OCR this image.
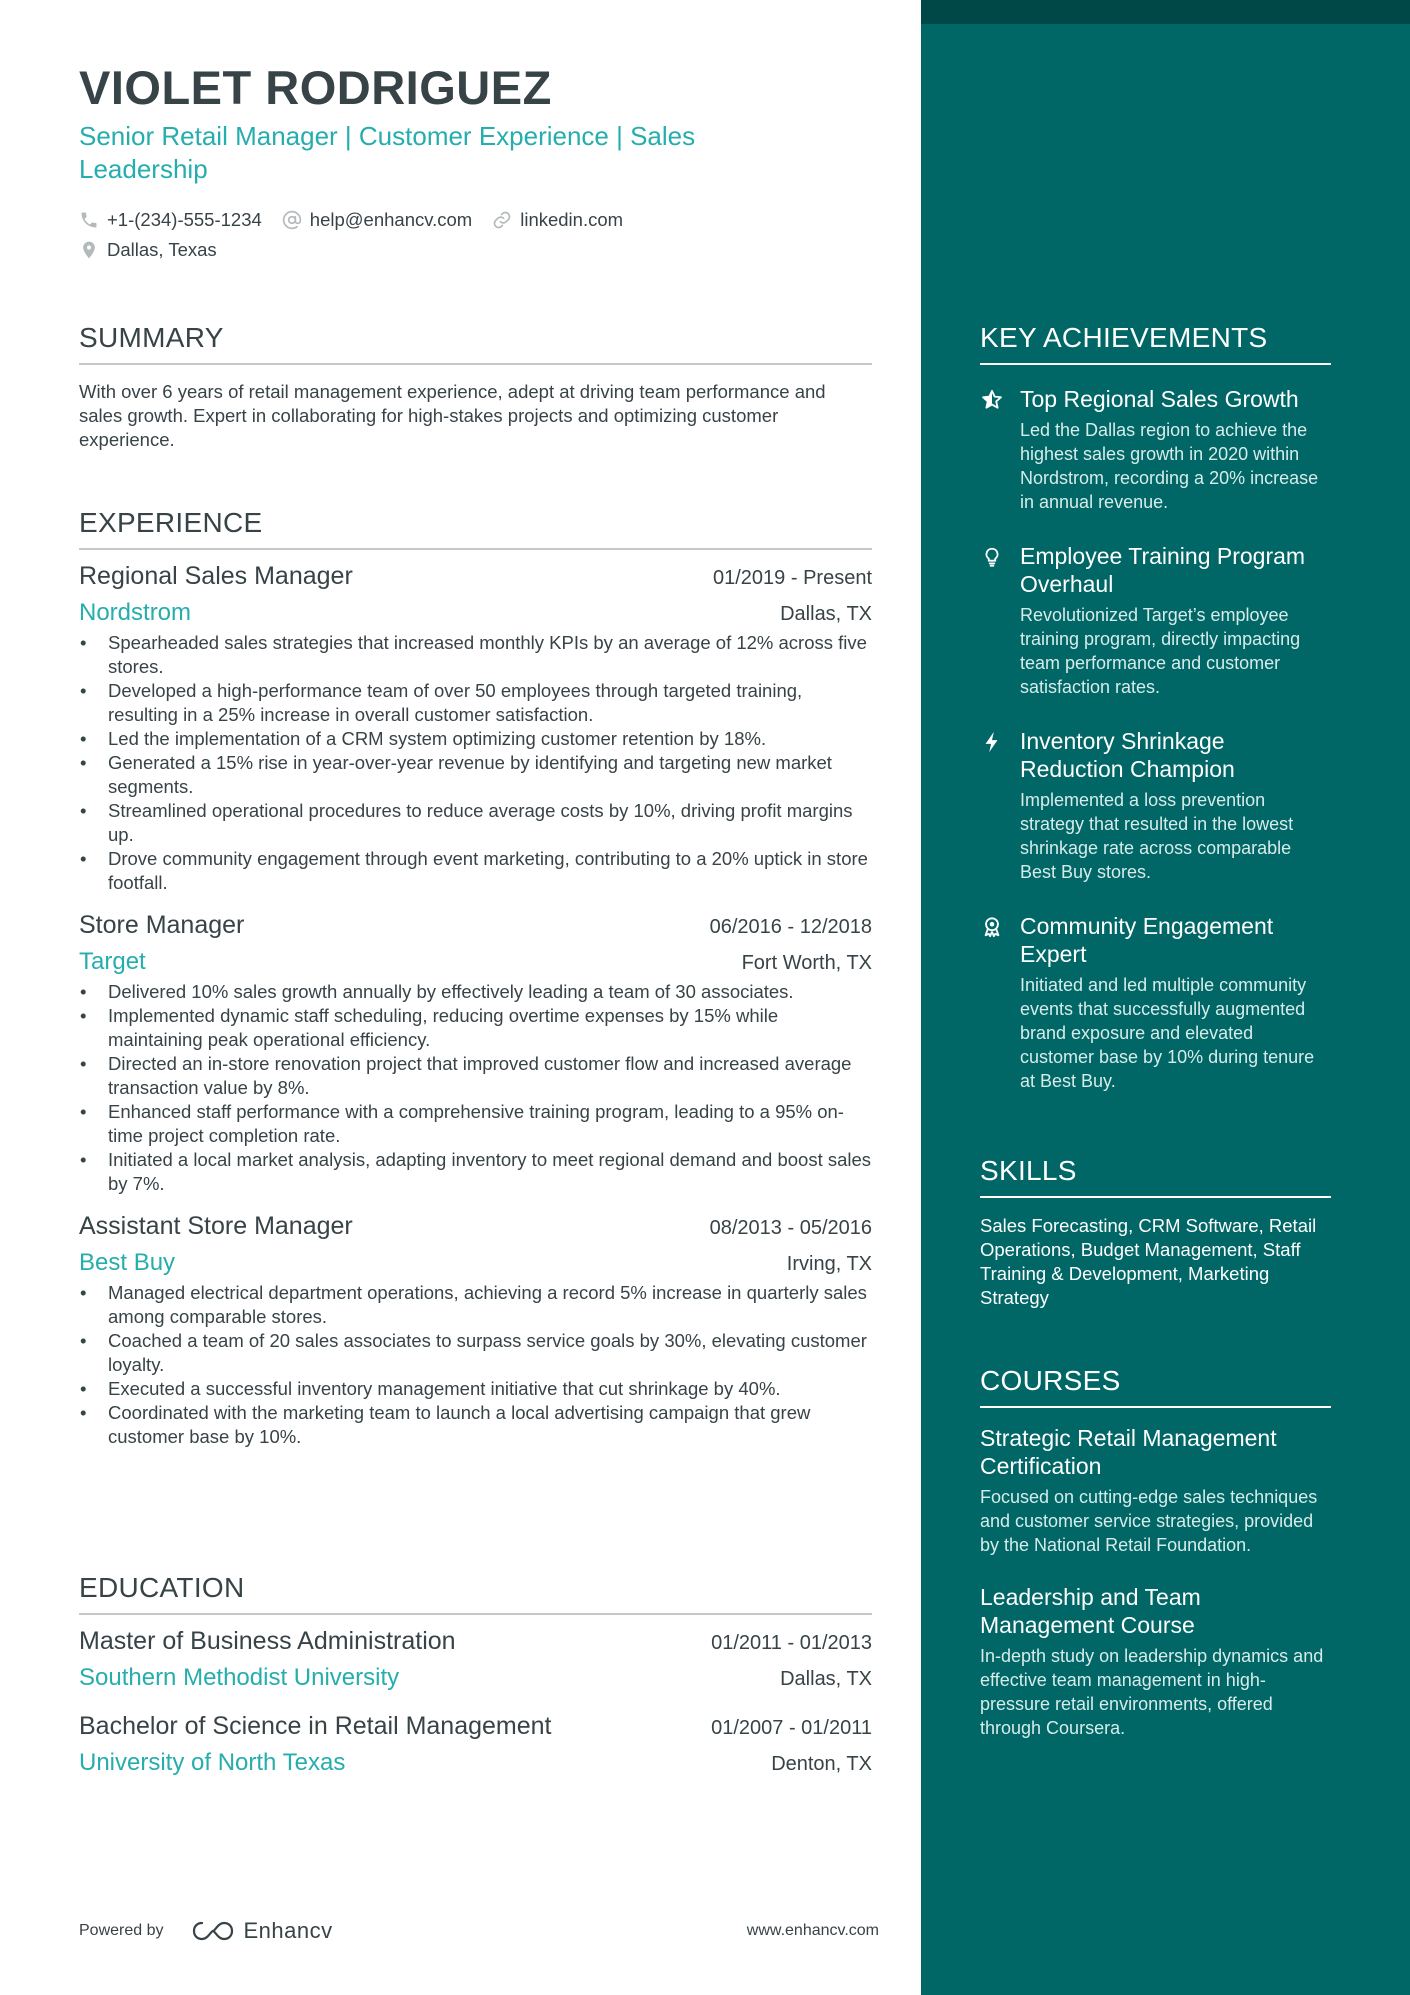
KEY ACHIEVEMENTS
Top Regional Sales Growth
Led the Dallas region to achieve the highest sales growth in 2020 within Nordstrom, recording a 20% increase in annual revenue.
Employee Training Program Overhaul
Revolutionized Target’s employee training program, directly impacting team performance and customer satisfaction rates.
Inventory Shrinkage Reduction Champion
Implemented a loss prevention strategy that resulted in the lowest shrinkage rate across comparable Best Buy stores.
Community Engagement Expert
Initiated and led multiple community events that successfully augmented brand exposure and elevated customer base by 10% during tenure at Best Buy.
SKILLS
Sales Forecasting, CRM Software, Retail Operations, Budget Management, Staff Training & Development, Marketing Strategy
COURSES
Strategic Retail Management Certification
Focused on cutting-edge sales techniques and customer service strategies, provided by the National Retail Foundation.
Leadership and Team Management Course
In-depth study on leadership dynamics and effective team management in high-pressure retail environments, offered through Coursera.
VIOLET RODRIGUEZ
Senior Retail Manager | Customer Experience | Sales Leadership
+1-(234)-555-1234	help@enhancv.com	linkedin.com
Dallas, Texas
SUMMARY
With over 6 years of retail management experience, adept at driving team performance and sales growth. Expert in collaborating for high-stakes projects and optimizing customer experience.
EXPERIENCE
Regional Sales Manager	01/2019 - Present
Nordstrom	Dallas, TX
• Spearheaded sales strategies that increased monthly KPIs by an average of 12% across five stores.
• Developed a high-performance team of over 50 employees through targeted training, resulting in a 25% increase in overall customer satisfaction.
• Led the implementation of a CRM system optimizing customer retention by 18%.
• Generated a 15% rise in year-over-year revenue by identifying and targeting new market segments.
• Streamlined operational procedures to reduce average costs by 10%, driving profit margins up.
• Drove community engagement through event marketing, contributing to a 20% uptick in store footfall.
Store Manager	06/2016 - 12/2018
Target	Fort Worth, TX
• Delivered 10% sales growth annually by effectively leading a team of 30 associates.
• Implemented dynamic staff scheduling, reducing overtime expenses by 15% while maintaining peak operational efficiency.
• Directed an in-store renovation project that improved customer flow and increased average transaction value by 8%.
• Enhanced staff performance with a comprehensive training program, leading to a 95% on-time project completion rate.
• Initiated a local market analysis, adapting inventory to meet regional demand and boost sales by 7%.
Assistant Store Manager	08/2013 - 05/2016
Best Buy	Irving, TX
• Managed electrical department operations, achieving a record 5% increase in quarterly sales among comparable stores.
• Coached a team of 20 sales associates to surpass service goals by 30%, elevating customer loyalty.
• Executed a successful inventory management initiative that cut shrinkage by 40%.
• Coordinated with the marketing team to launch a local advertising campaign that grew customer base by 10%.
EDUCATION
Master of Business Administration	01/2011 - 01/2013
Southern Methodist University	Dallas, TX
Bachelor of Science in Retail Management	01/2007 - 01/2011
University of North Texas	Denton, TX
Powered by	Enhancv	www.enhancv.com
